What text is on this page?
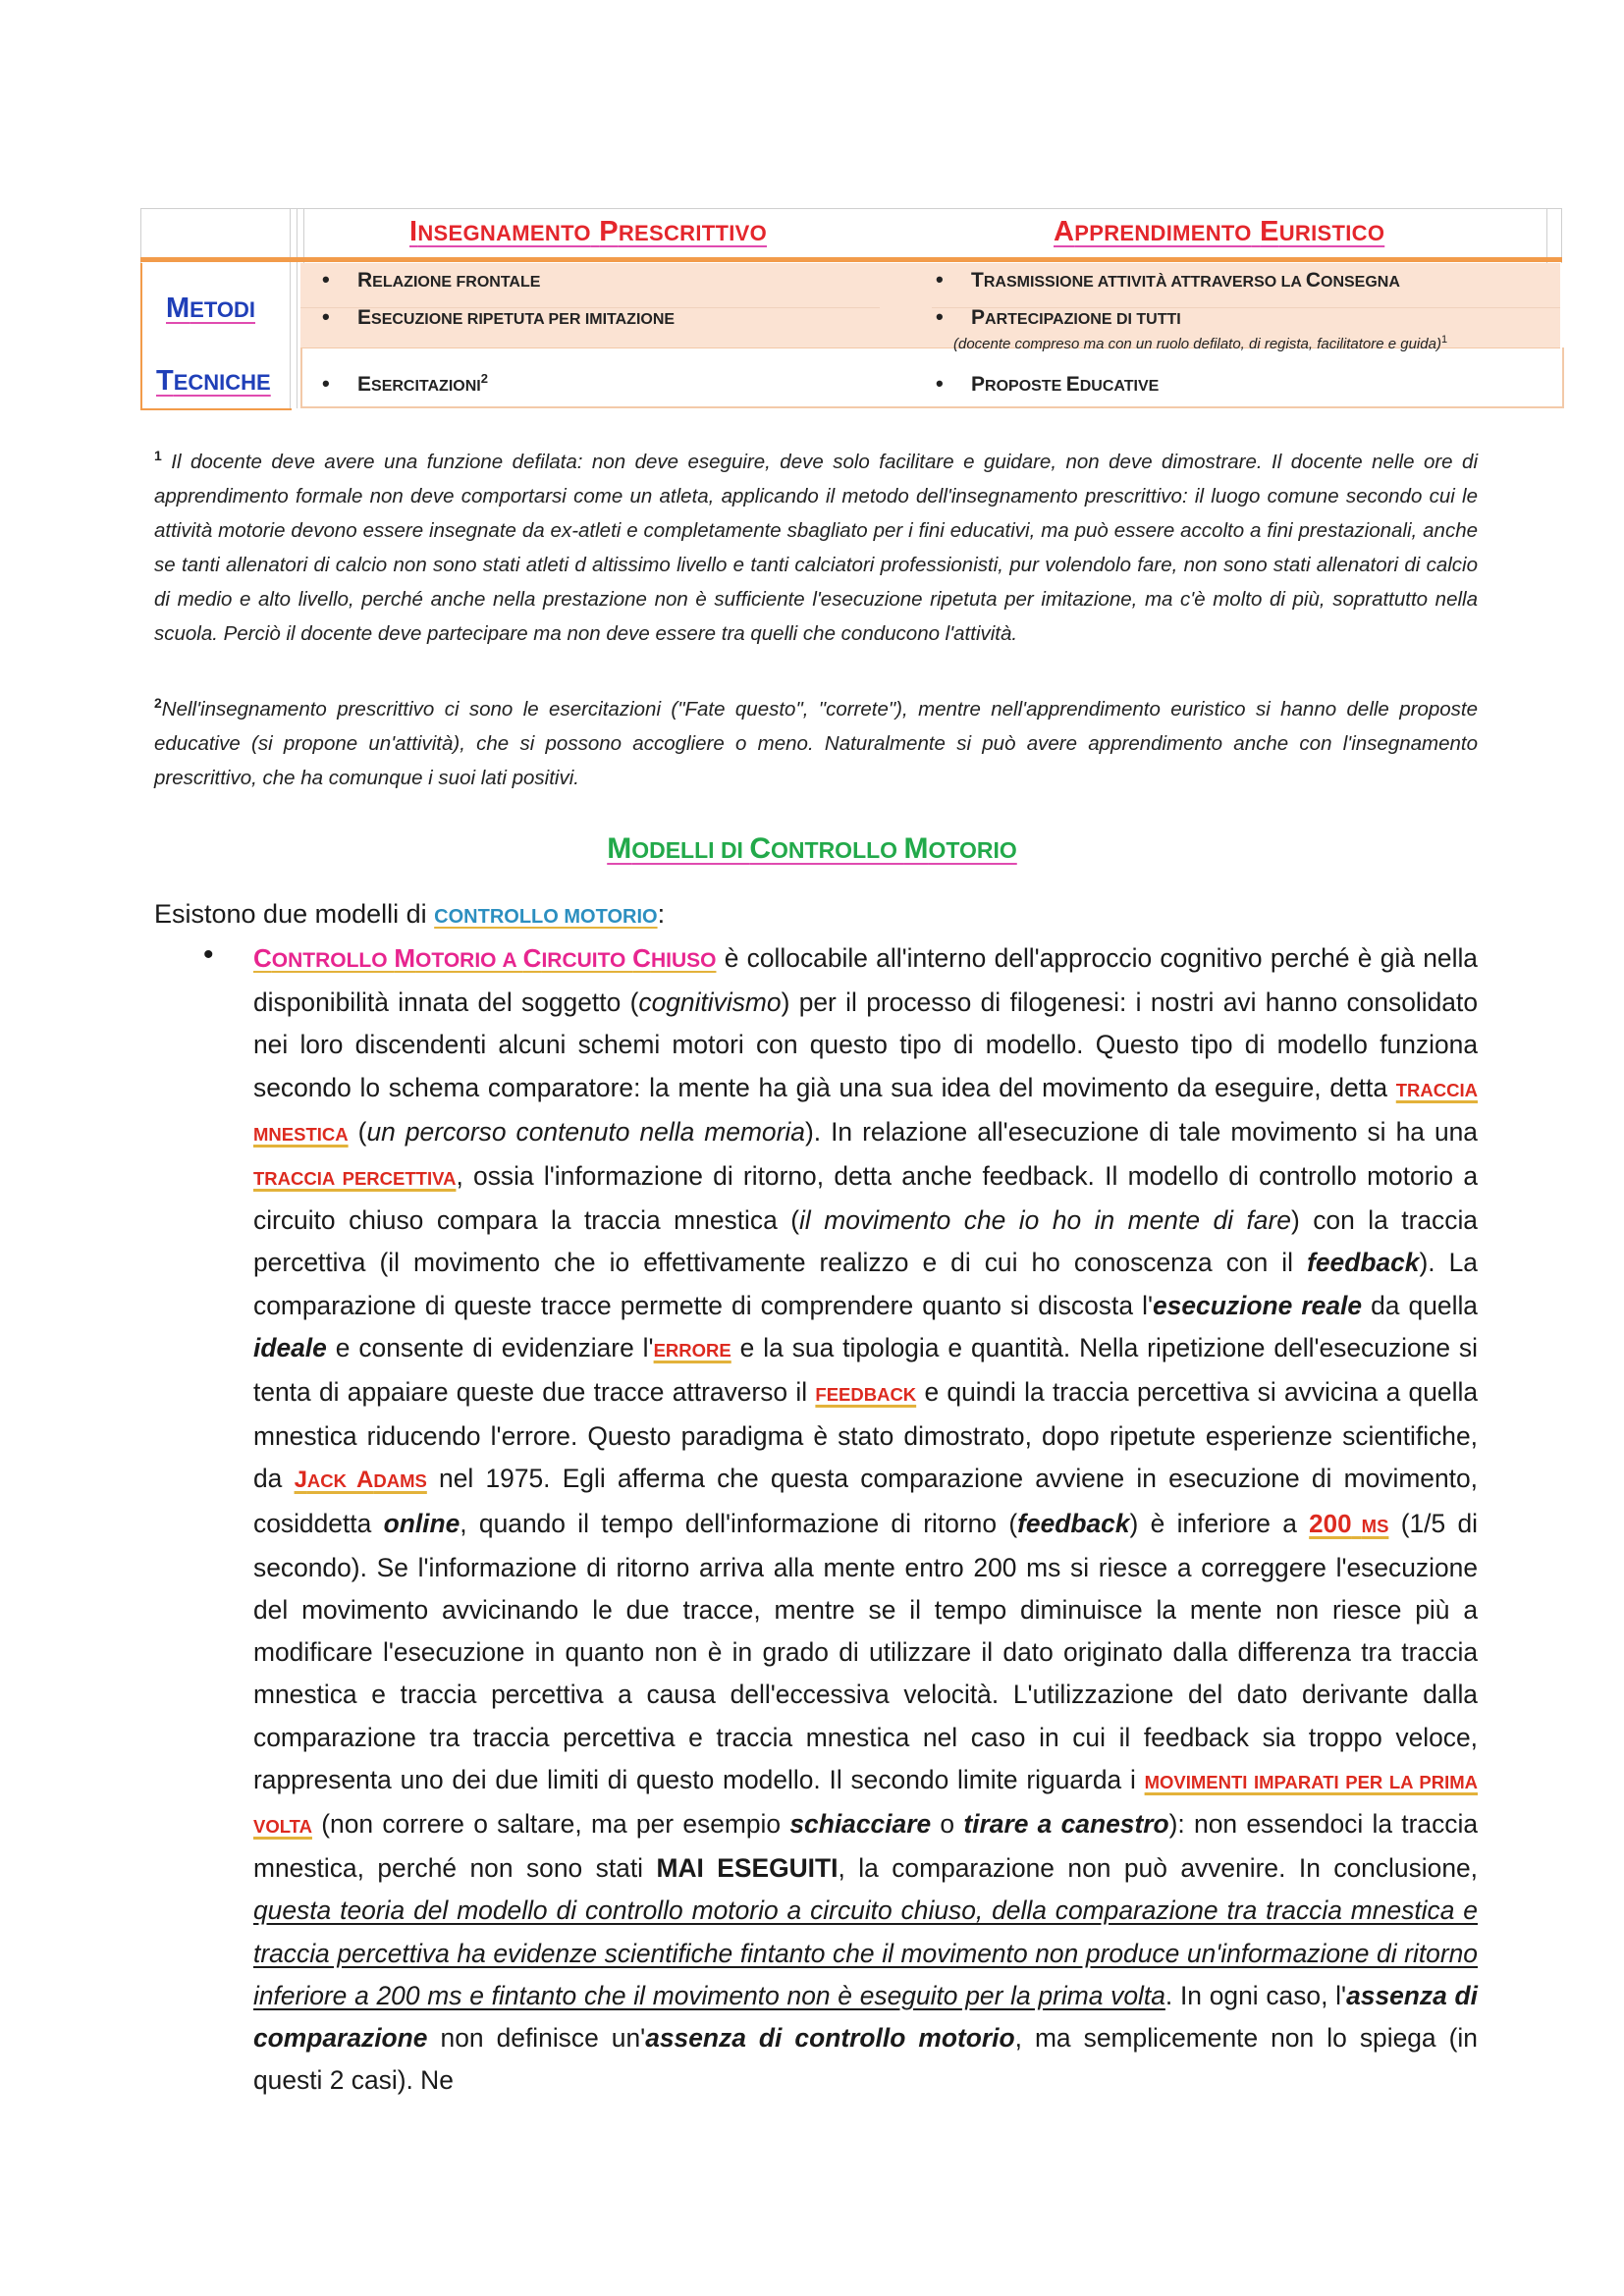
INSEGNAMENTO PRESCRITTIVO	APPRENDIMENTO EURISTICO
METODI
TECNICHE
• RELAZIONE FRONTALE
• ESECUZIONE RIPETUTA PER IMITAZIONE
• TRASMISSIONE ATTIVITÀ ATTRAVERSO LA CONSEGNA
• PARTECIPAZIONE DI TUTTI
(docente compreso ma con un ruolo defilato, di regista, facilitatore e guida)$^1$
• ESERCITAZIONI$^2$	• PROPOSTE EDUCATIVE
$^1$ Il docente deve avere una funzione defilata: non deve eseguire, deve solo facilitare e guidare, non deve dimostrare. Il docente nelle ore di apprendimento formale non deve comportarsi come un atleta, applicando il metodo dell'insegnamento prescrittivo: il luogo comune secondo cui le attività motorie devono essere insegnate da ex-atleti e completamente sbagliato per i fini educativi, ma può essere accolto a fini prestazionali, anche se tanti allenatori di calcio non sono stati atleti d altissimo livello e tanti calciatori professionisti, pur volendolo fare, non sono stati allenatori di calcio di medio e alto livello, perché anche nella prestazione non è sufficiente l'esecuzione ripetuta per imitazione, ma c'è molto di più, soprattutto nella scuola. Perciò il docente deve partecipare ma non deve essere tra quelli che conducono l'attività.
$^2$Nell'insegnamento prescrittivo ci sono le esercitazioni ("Fate questo", "correte"), mentre nell'apprendimento euristico si hanno delle proposte educative (si propone un'attività), che si possono accogliere o meno. Naturalmente si può avere apprendimento anche con l'insegnamento prescrittivo, che ha comunque i suoi lati positivi.
MODELLI DI CONTROLLO MOTORIO
Esistono due modelli di CONTROLLO MOTORIO:
• CONTROLLO MOTORIO A CIRCUITO CHIUSO è collocabile all'interno dell'approccio cognitivo perché è già nella disponibilità innata del soggetto (cognitivismo) per il processo di filogenesi: i nostri avi hanno consolidato nei loro discendenti alcuni schemi motori con questo tipo di modello. Questo tipo di modello funziona secondo lo schema comparatore: la mente ha già una sua idea del movimento da eseguire, detta TRACCIA MNESTICA (un percorso contenuto nella memoria). In relazione all'esecuzione di tale movimento si ha una TRACCIA PERCETTIVA, ossia l'informazione di ritorno, detta anche feedback. Il modello di controllo motorio a circuito chiuso compara la traccia mnestica (il movimento che io ho in mente di fare) con la traccia percettiva (il movimento che io effettivamente realizzo e di cui ho conoscenza con il feedback). La comparazione di queste tracce permette di comprendere quanto si discosta l'esecuzione reale da quella ideale e consente di evidenziare l'ERRORE e la sua tipologia e quantità. Nella ripetizione dell'esecuzione si tenta di appaiare queste due tracce attraverso il FEEDBACK e quindi la traccia percettiva si avvicina a quella mnestica riducendo l'errore. Questo paradigma è stato dimostrato, dopo ripetute esperienze scientifiche, da JACK ADAMS nel 1975. Egli afferma che questa comparazione avviene in esecuzione di movimento, cosiddetta online, quando il tempo dell'informazione di ritorno (feedback) è inferiore a 200 MS (1/5 di secondo). Se l'informazione di ritorno arriva alla mente entro 200 ms si riesce a correggere l'esecuzione del movimento avvicinando le due tracce, mentre se il tempo diminuisce la mente non riesce più a modificare l'esecuzione in quanto non è in grado di utilizzare il dato originato dalla differenza tra traccia mnestica e traccia percettiva a causa dell'eccessiva velocità. L'utilizzazione del dato derivante dalla comparazione tra traccia percettiva e traccia mnestica nel caso in cui il feedback sia troppo veloce, rappresenta uno dei due limiti di questo modello. Il secondo limite riguarda i MOVIMENTI IMPARATI PER LA PRIMA VOLTA (non correre o saltare, ma per esempio schiacciare o tirare a canestro): non essendoci la traccia mnestica, perché non sono stati MAI ESEGUITI, la comparazione non può avvenire. In conclusione, questa teoria del modello di controllo motorio a circuito chiuso, della comparazione tra traccia mnestica e traccia percettiva ha evidenze scientifiche fintanto che il movimento non produce un'informazione di ritorno inferiore a 200 ms e fintanto che il movimento non è eseguito per la prima volta. In ogni caso, l'assenza di comparazione non definisce un'assenza di controllo motorio, ma semplicemente non lo spiega (in questi 2 casi). Ne
